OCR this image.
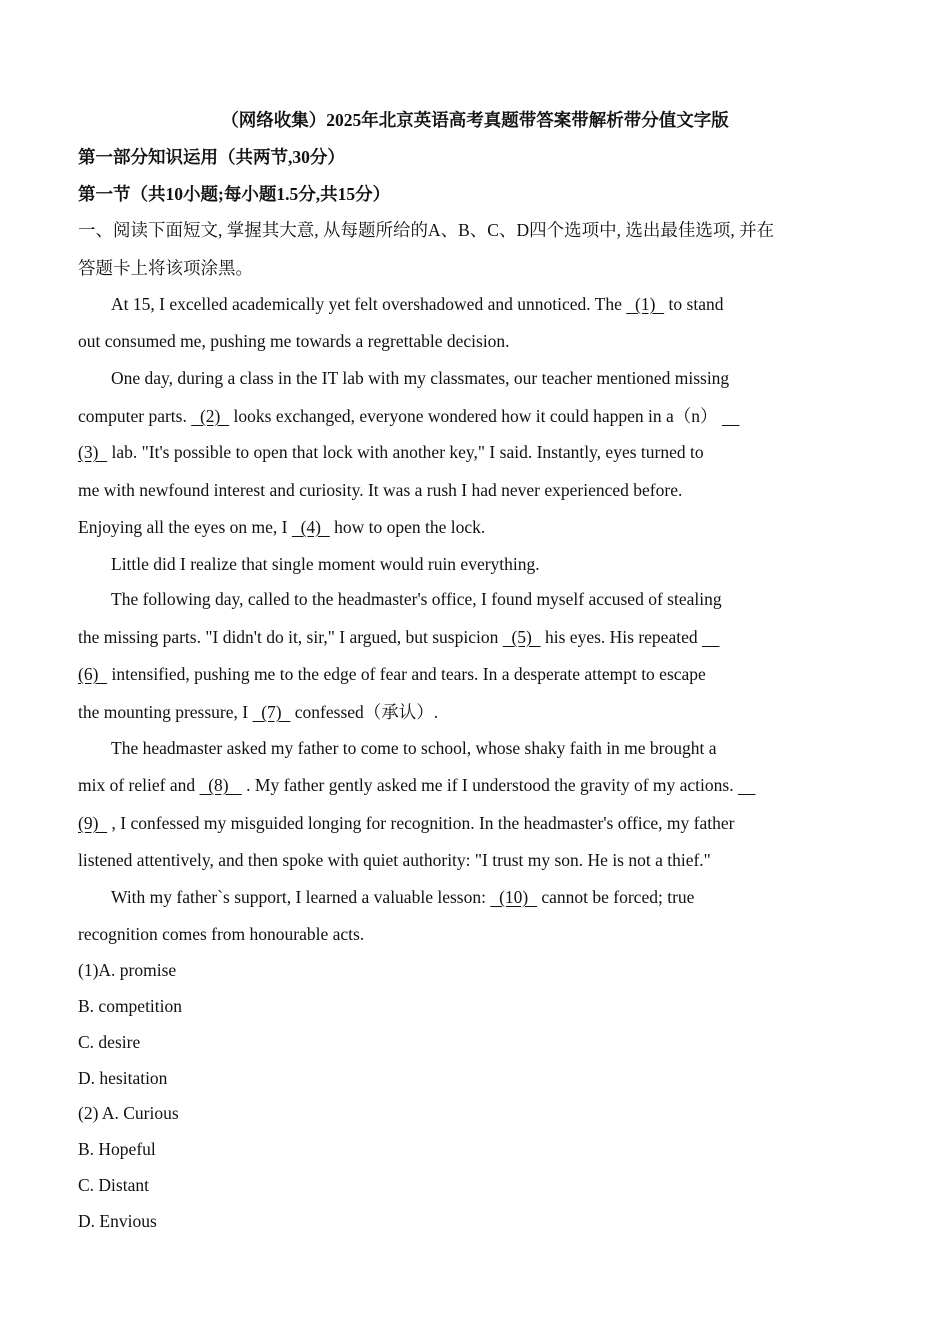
（网络收集）2025年北京英语高考真题带答案带解析带分值文字版
第一部分知识运用（共两节,30分）
第一节（共10小题;每小题1.5分,共15分）
一、阅读下面短文, 掌握其大意, 从每题所给的A、B、C、D四个选项中, 选出最佳选项, 并在
答题卡上将该项涂黑。
At 15, I excelled academically yet felt overshadowed and unnoticed. The   (1)   to stand
out consumed me, pushing me towards a regrettable decision.
One day, during a class in the IT lab with my classmates, our teacher mentioned missing
computer parts.   (2)   looks exchanged, everyone wondered how it could happen in a（n）
(3)   lab. "It's possible to open that lock with another key," I said. Instantly, eyes turned to
me with newfound interest and curiosity. It was a rush I had never experienced before.
Enjoying all the eyes on me, I   (4)   how to open the lock.
Little did I realize that single moment would ruin everything.
The following day, called to the headmaster's office, I found myself accused of stealing
the missing parts. "I didn't do it, sir," I argued, but suspicion   (5)   his eyes. His repeated
(6)   intensified, pushing me to the edge of fear and tears. In a desperate attempt to escape
the mounting pressure, I   (7)   confessed（承认）.
The headmaster asked my father to come to school, whose shaky faith in me brought a
mix of relief and   (8)    . My father gently asked me if I understood the gravity of my actions.
(9)   , I confessed my misguided longing for recognition. In the headmaster's office, my father
listened attentively, and then spoke with quiet authority: "I trust my son. He is not a thief."
With my father`s support, I learned a valuable lesson:   (10)   cannot be forced; true
recognition comes from honourable acts.
(1)A. promise
B. competition
C. desire
D. hesitation
(2) A. Curious
B. Hopeful
C. Distant
D. Envious
